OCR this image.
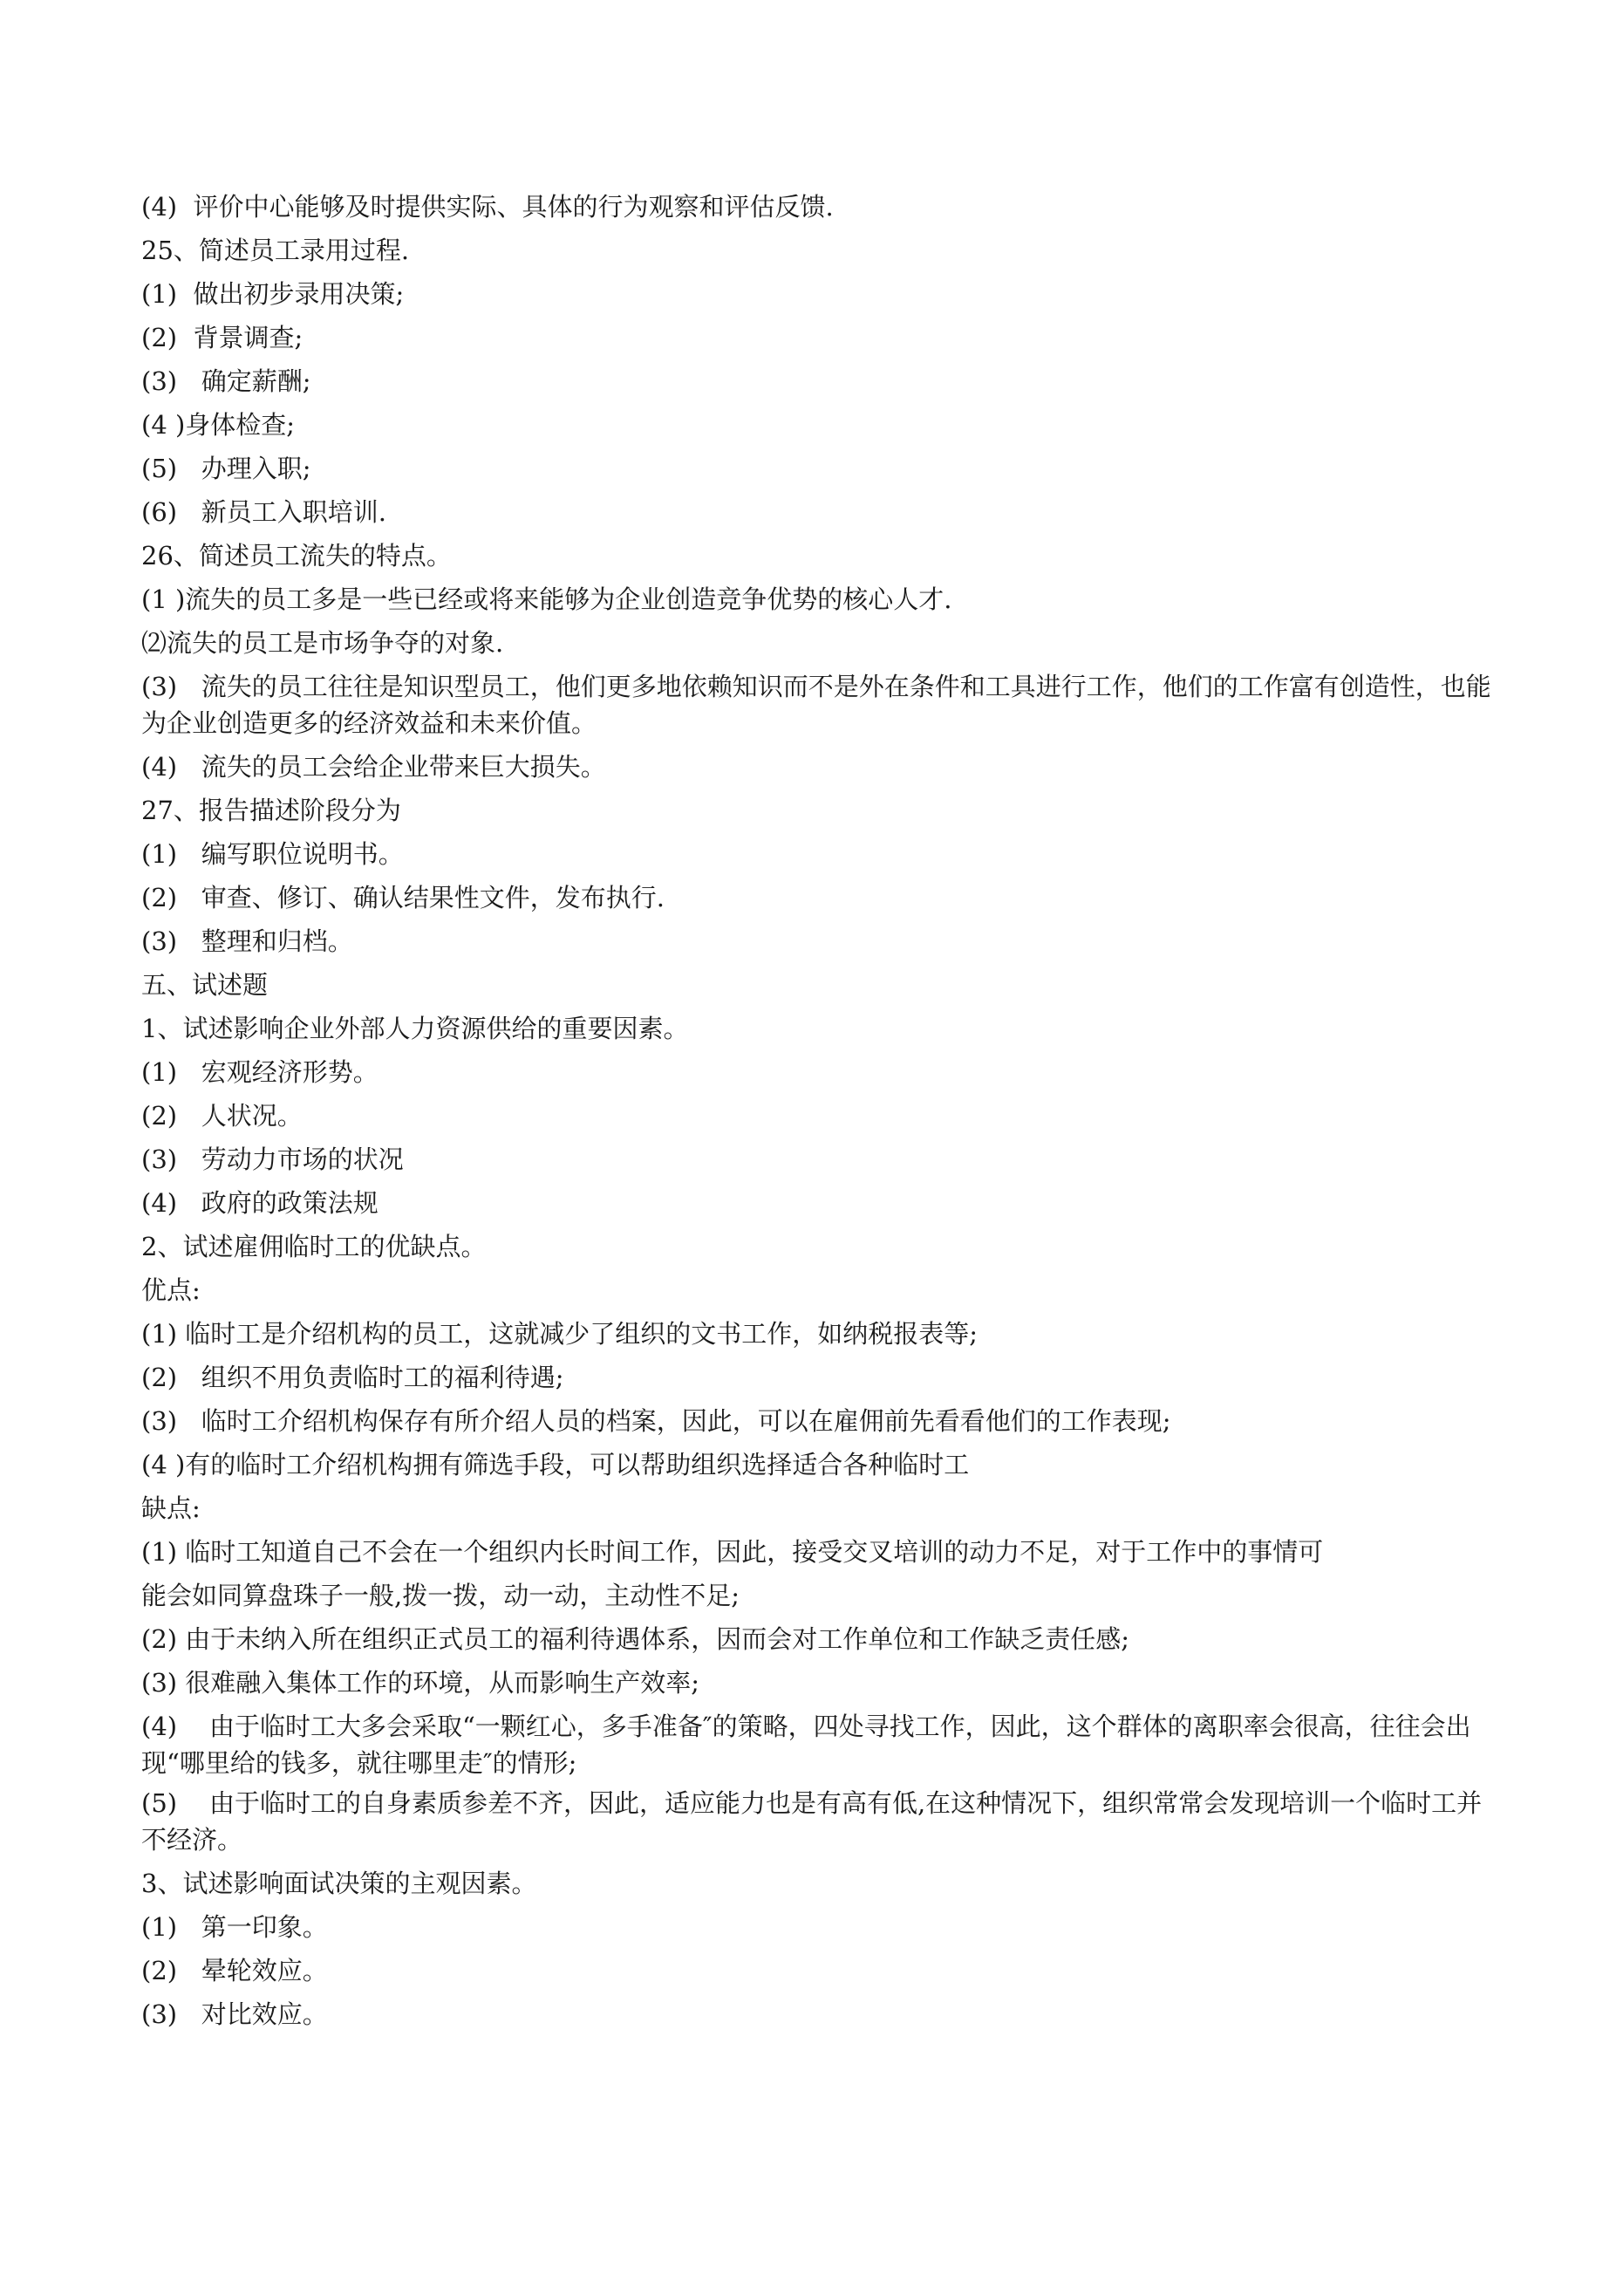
(4)  评价中心能够及时提供实际、具体的行为观察和评估反馈.

25、简述员工录用过程.

(1)  做出初步录用决策;

(2)  背景调查;

(3)   确定薪酬;

(4 )身体检查;

(5)   办理入职;

(6)   新员工入职培训.

26、简述员工流失的特点。

(1 )流失的员工多是一些已经或将来能够为企业创造竞争优势的核心人才.

⑵流失的员工是市场争夺的对象.

(3)   流失的员工往往是知识型员工，他们更多地依赖知识而不是外在条件和工具进行工作，他们的工作富有创造性，也能为企业创造更多的经济效益和未来价值。

(4)   流失的员工会给企业带来巨大损失。

27、报告描述阶段分为

(1)   编写职位说明书。

(2)   审查、修订、确认结果性文件，发布执行.

(3)   整理和归档。

五、试述题

1、试述影响企业外部人力资源供给的重要因素。

(1)   宏观经济形势。

(2)   人状况。

(3)   劳动力市场的状况

(4)   政府的政策法规

2、试述雇佣临时工的优缺点。

优点:

(1) 临时工是介绍机构的员工，这就减少了组织的文书工作，如纳税报表等;

(2)   组织不用负责临时工的福利待遇;

(3)   临时工介绍机构保存有所介绍人员的档案，因此，可以在雇佣前先看看他们的工作表现;

(4 )有的临时工介绍机构拥有筛选手段，可以帮助组织选择适合各种临时工

缺点:

(1) 临时工知道自己不会在一个组织内长时间工作，因此，接受交叉培训的动力不足，对于工作中的事情可

能会如同算盘珠子一般,拨一拨，动一动，主动性不足;

(2) 由于未纳入所在组织正式员工的福利待遇体系，因而会对工作单位和工作缺乏责任感;

(3) 很难融入集体工作的环境，从而影响生产效率;

(4)    由于临时工大多会采取“一颗红心，多手准备″的策略，四处寻找工作，因此，这个群体的离职率会很高，往往会出现“哪里给的钱多，就往哪里走″的情形;

(5)    由于临时工的自身素质参差不齐，因此，适应能力也是有高有低,在这种情况下，组织常常会发现培训一个临时工并不经济。

3、试述影响面试决策的主观因素。

(1)   第一印象。

(2)   晕轮效应。

(3)   对比效应。
